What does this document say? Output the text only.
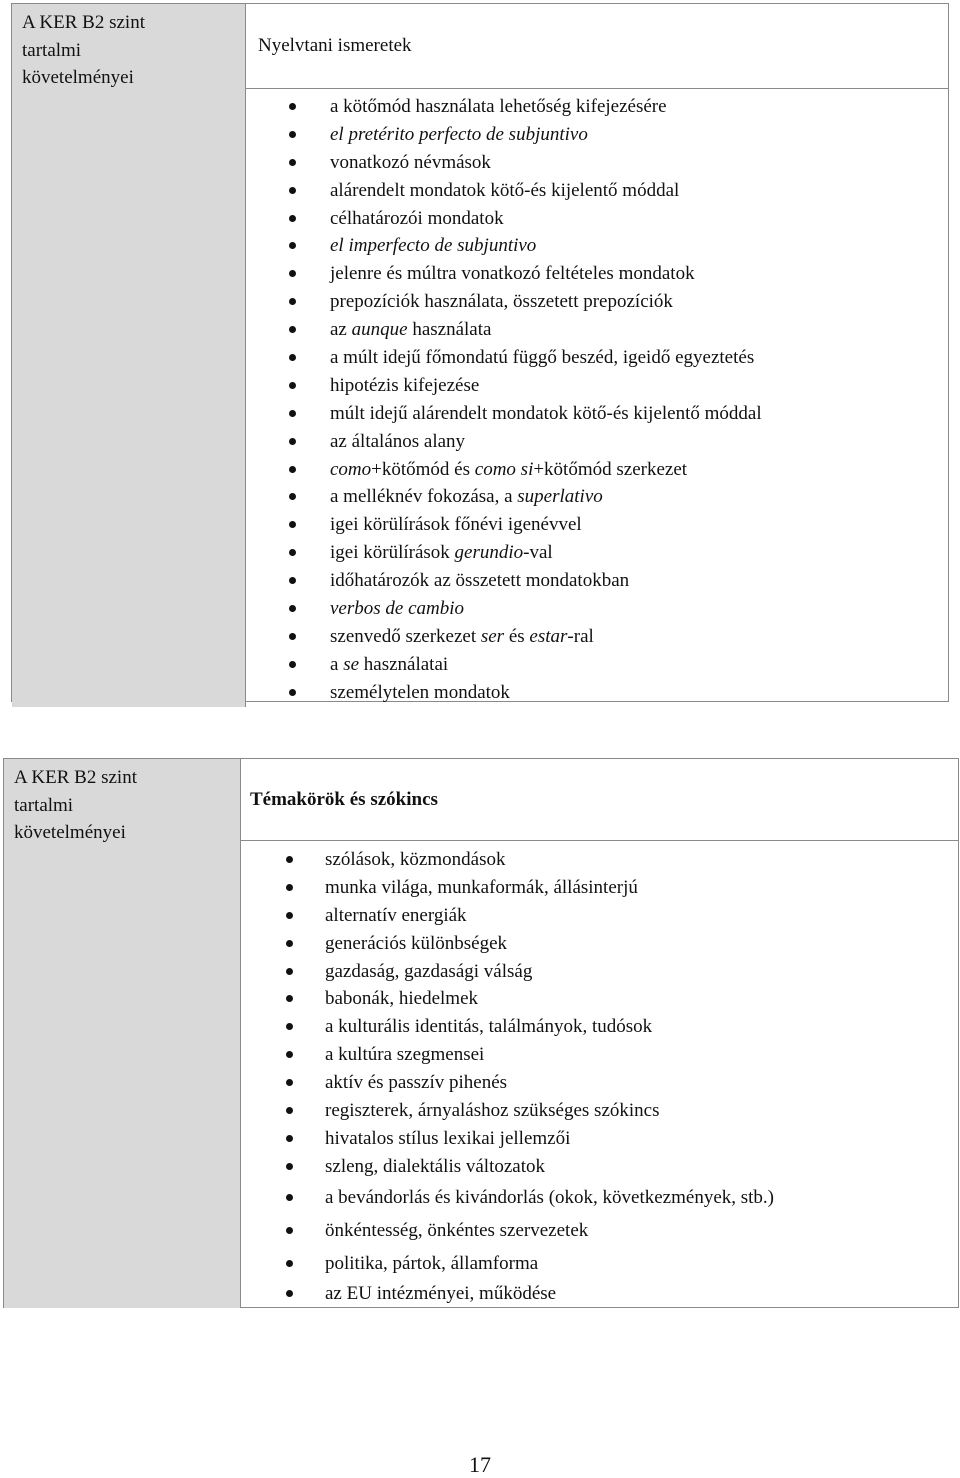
A KER B2 szint
tartalmi
követelményei
Nyelvtani ismeretek
a kötőmód használata lehetőség kifejezésére
el pretérito perfecto de subjuntivo
vonatkozó névmások
alárendelt mondatok kötő-és kijelentő móddal
célhatározói mondatok
el imperfecto de subjuntivo
jelenre és múltra vonatkozó feltételes mondatok
prepozíciók használata, összetett prepozíciók
az aunque használata
a múlt idejű főmondatú függő beszéd, igeidő egyeztetés
hipotézis kifejezése
múlt idejű alárendelt mondatok kötő-és kijelentő móddal
az általános alany
como+kötőmód és como si+kötőmód szerkezet
a melléknév fokozása, a superlativo
igei körülírások főnévi igenévvel
igei körülírások gerundio-val
időhatározók az összetett mondatokban
verbos de cambio
szenvedő szerkezet ser és estar-ral
a se használatai
személytelen mondatok
A KER B2 szint
tartalmi
követelményei
Témakörök és szókincs
szólások, közmondások
munka világa, munkaformák, állásinterjú
alternatív energiák
generációs különbségek
gazdaság, gazdasági válság
babonák, hiedelmek
a kulturális identitás, találmányok, tudósok
a kultúra szegmensei
aktív és passzív pihenés
regiszterek, árnyaláshoz szükséges szókincs
hivatalos stílus lexikai jellemzői
szleng, dialektális változatok
a bevándorlás és kivándorlás (okok, következmények, stb.)
önkéntesség, önkéntes szervezetek
politika, pártok, államforma
az EU intézményei, működése
17
